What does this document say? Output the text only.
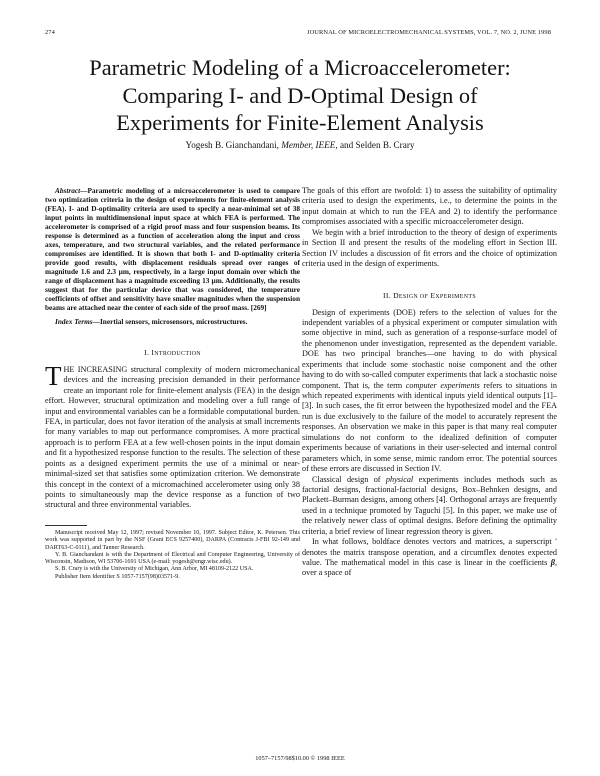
274	JOURNAL OF MICROELECTROMECHANICAL SYSTEMS, VOL. 7, NO. 2, JUNE 1998
Parametric Modeling of a Microaccelerometer:
Comparing I- and D-Optimal Design of
Experiments for Finite-Element Analysis
Yogesh B. Gianchandani, Member, IEEE, and Selden B. Crary

Abstract—Parametric modeling of a microaccelerometer is used to compare two optimization criteria in the design of experiments for finite-element analysis (FEA). I- and D-optimality criteria are used to specify a near-minimal set of 38 input points in multidimensional input space at which FEA is performed. The accelerometer is comprised of a rigid proof mass and four suspension beams. Its response is determined as a function of acceleration along the input and cross axes, temperature, and two structural variables, and the related performance compromises are identified. It is shown that both I- and D-optimality criteria provide good results, with displacement residuals spread over ranges of magnitude 1.6 and 2.3 µm, respectively, in a large input domain over which the range of displacement has a magnitude exceeding 13 µm. Additionally, the results suggest that for the particular device that was considered, the temperature coefficients of offset and sensitivity have smaller magnitudes when the suspension beams are attached near the center of each side of the proof mass. [269]

Index Terms—Inertial sensors, microsensors, microstructures.

I. INTRODUCTION

THE INCREASING structural complexity of modern micromechanical devices and the increasing precision demanded in their performance create an important role for finite-element analysis (FEA) in the design effort. However, structural optimization and modeling over a full range of input and environmental variables can be a formidable computational burden. FEA, in particular, does not favor iteration of the analysis at small increments for many variables to map out performance compromises. A more practical approach is to perform FEA at a few well-chosen points in the input domain and fit a hypothesized response function to the results. The selection of these points as a designed experiment permits the use of a minimal or near-minimal-sized set that satisfies some optimization criterion. We demonstrate this concept in the context of a micromachined accelerometer using only 38 points to simultaneously map the device response as a function of two structural and three environmental variables.

Manuscript received May 12, 1997; revised November 10, 1997. Subject Editor, K. Petersen. This work was supported in part by the NSF (Grant ECS 9257400), DARPA (Contracts J-FBI 92-149 and DART63-C-0111), and Tanner Research.

Y. B. Gianchandani is with the Department of Electrical and Computer Engineering, University of Wisconsin, Madison, WI 53706-1691 USA (e-mail: yogesh@engr.wisc.edu).

S. B. Crary is with the University of Michigan, Ann Arbor, MI 48109-2122 USA.

Publisher Item Identifier S 1057-7157(98)03571-9.

The goals of this effort are twofold: 1) to assess the suitability of optimality criteria used to design the experiments, i.e., to determine the points in the input domain at which to run the FEA and 2) to identify the performance compromises associated with a specific microaccelerometer design.

We begin with a brief introduction to the theory of design of experiments in Section II and present the results of the modeling effort in Section III. Section IV includes a discussion of fit errors and the choice of optimization criteria used in the design of experiments.

II. DESIGN OF EXPERIMENTS

Design of experiments (DOE) refers to the selection of values for the independent variables of a physical experiment or computer simulation with some objective in mind, such as generation of a response-surface model of the phenomenon under investigation, represented as the dependent variable. DOE has two principal branches—one having to do with physical experiments that include some stochastic noise component and the other having to do with so-called computer experiments that lack a stochastic noise component. That is, the term computer experiments refers to situations in which repeated experiments with identical inputs yield identical outputs [1]–[3]. In such cases, the fit error between the hypothesized model and the FEA run is due exclusively to the failure of the model to accurately represent the responses. An observation we make in this paper is that many real computer simulations do not conform to the idealized definition of computer experiments because of variations in their user-selected and internal control parameters which, in some sense, mimic random error. The potential sources of these errors are discussed in Section IV.

Classical design of physical experiments includes methods such as factorial designs, fractional-factorial designs, Box–Behnken designs, and Plackett–Burman designs, among others [4]. Orthogonal arrays are frequently used in a technique promoted by Taguchi [5]. In this paper, we make use of the relatively newer class of optimal designs. Before defining the optimality criteria, a brief review of linear regression theory is given.

In what follows, boldface denotes vectors and matrices, a superscript ′ denotes the matrix transpose operation, and a circumflex denotes expected value. The mathematical model in this case is linear in the coefficients β, over a space of

1057–7157/98$10.00 © 1998 IEEE
